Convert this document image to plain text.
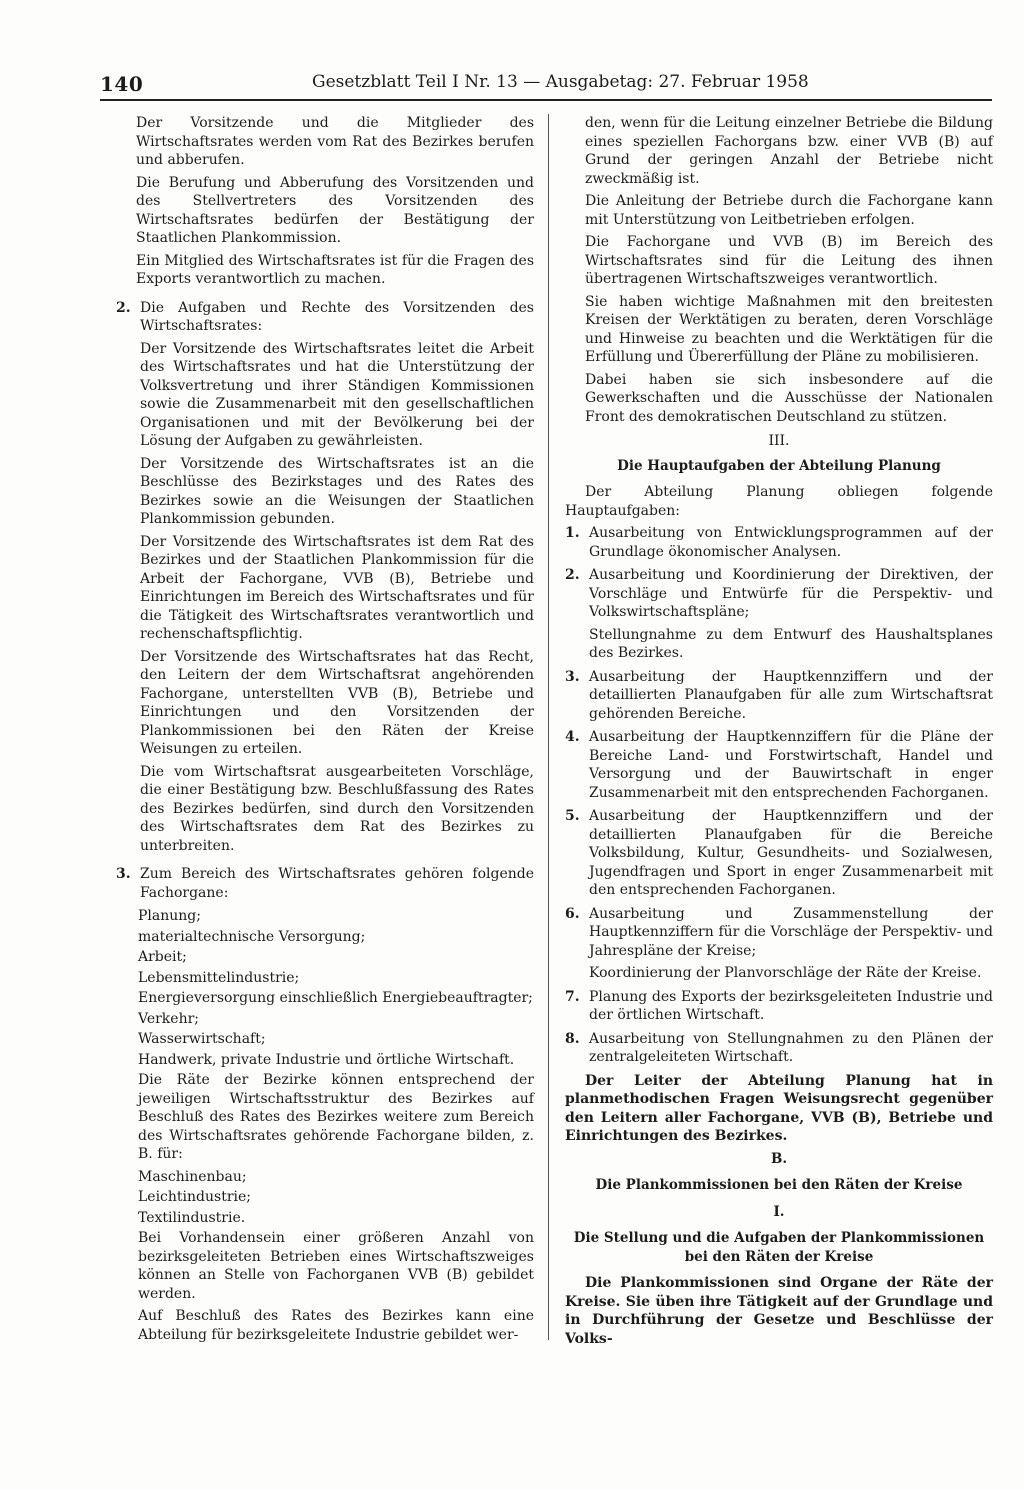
140	Gesetzblatt Teil I Nr. 13 — Ausgabetag: 27. Februar 1958

Der Vorsitzende und die Mitglieder des Wirtschaftsrates werden vom Rat des Bezirkes berufen und abberufen.

Die Berufung und Abberufung des Vorsitzenden und des Stellvertreters des Vorsitzenden des Wirtschaftsrates bedürfen der Bestätigung der Staatlichen Plankommission.

Ein Mitglied des Wirtschaftsrates ist für die Fragen des Exports verantwortlich zu machen.

2. Die Aufgaben und Rechte des Vorsitzenden des Wirtschaftsrates:

Der Vorsitzende des Wirtschaftsrates leitet die Arbeit des Wirtschaftsrates und hat die Unterstützung der Volksvertretung und ihrer Ständigen Kommissionen sowie die Zusammenarbeit mit den gesellschaftlichen Organisationen und mit der Bevölkerung bei der Lösung der Aufgaben zu gewährleisten.

Der Vorsitzende des Wirtschaftsrates ist an die Beschlüsse des Bezirkstages und des Rates des Bezirkes sowie an die Weisungen der Staatlichen Plankommission gebunden.

Der Vorsitzende des Wirtschaftsrates ist dem Rat des Bezirkes und der Staatlichen Plankommission für die Arbeit der Fachorgane, VVB (B), Betriebe und Einrichtungen im Bereich des Wirtschaftsrates und für die Tätigkeit des Wirtschaftsrates verantwortlich und rechenschaftspflichtig.

Der Vorsitzende des Wirtschaftsrates hat das Recht, den Leitern der dem Wirtschaftsrat angehörenden Fachorgane, unterstellten VVB (B), Betriebe und Einrichtungen und den Vorsitzenden der Plankommissionen bei den Räten der Kreise Weisungen zu erteilen.

Die vom Wirtschaftsrat ausgearbeiteten Vorschläge, die einer Bestätigung bzw. Beschlußfassung des Rates des Bezirkes bedürfen, sind durch den Vorsitzenden des Wirtschaftsrates dem Rat des Bezirkes zu unterbreiten.

3. Zum Bereich des Wirtschaftsrates gehören folgende Fachorgane:

Planung;

materialtechnische Versorgung;

Arbeit;

Lebensmittelindustrie;

Energieversorgung einschließlich Energiebeauftragter;

Verkehr;

Wasserwirtschaft;

Handwerk, private Industrie und örtliche Wirtschaft.

Die Räte der Bezirke können entsprechend der jeweiligen Wirtschaftsstruktur des Bezirkes auf Beschluß des Rates des Bezirkes weitere zum Bereich des Wirtschaftsrates gehörende Fachorgane bilden, z. B. für:

Maschinenbau;

Leichtindustrie;

Textilindustrie.

Bei Vorhandensein einer größeren Anzahl von bezirksgeleiteten Betrieben eines Wirtschaftszweiges können an Stelle von Fachorganen VVB (B) gebildet werden.

Auf Beschluß des Rates des Bezirkes kann eine Abteilung für bezirksgeleitete Industrie gebildet wer-

den, wenn für die Leitung einzelner Betriebe die Bildung eines speziellen Fachorgans bzw. einer VVB (B) auf Grund der geringen Anzahl der Betriebe nicht zweckmäßig ist.

Die Anleitung der Betriebe durch die Fachorgane kann mit Unterstützung von Leitbetrieben erfolgen.

Die Fachorgane und VVB (B) im Bereich des Wirtschaftsrates sind für die Leitung des ihnen übertragenen Wirtschaftszweiges verantwortlich.

Sie haben wichtige Maßnahmen mit den breitesten Kreisen der Werktätigen zu beraten, deren Vorschläge und Hinweise zu beachten und die Werktätigen für die Erfüllung und Übererfüllung der Pläne zu mobilisieren.

Dabei haben sie sich insbesondere auf die Gewerkschaften und die Ausschüsse der Nationalen Front des demokratischen Deutschland zu stützen.

III.

Die Hauptaufgaben der Abteilung Planung

Der Abteilung Planung obliegen folgende Hauptaufgaben:

1. Ausarbeitung von Entwicklungsprogrammen auf der Grundlage ökonomischer Analysen.

2. Ausarbeitung und Koordinierung der Direktiven, der Vorschläge und Entwürfe für die Perspektiv- und Volkswirtschaftspläne;

Stellungnahme zu dem Entwurf des Haushaltsplanes des Bezirkes.

3. Ausarbeitung der Hauptkennziffern und der detaillierten Planaufgaben für alle zum Wirtschaftsrat gehörenden Bereiche.

4. Ausarbeitung der Hauptkennziffern für die Pläne der Bereiche Land- und Forstwirtschaft, Handel und Versorgung und der Bauwirtschaft in enger Zusammenarbeit mit den entsprechenden Fachorganen.

5. Ausarbeitung der Hauptkennziffern und der detaillierten Planaufgaben für die Bereiche Volksbildung, Kultur, Gesundheits- und Sozialwesen, Jugendfragen und Sport in enger Zusammenarbeit mit den entsprechenden Fachorganen.

6. Ausarbeitung und Zusammenstellung der Hauptkennziffern für die Vorschläge der Perspektiv- und Jahrespläne der Kreise;

Koordinierung der Planvorschläge der Räte der Kreise.

7. Planung des Exports der bezirksgeleiteten Industrie und der örtlichen Wirtschaft.

8. Ausarbeitung von Stellungnahmen zu den Plänen der zentralgeleiteten Wirtschaft.

Der Leiter der Abteilung Planung hat in planmethodischen Fragen Weisungsrecht gegenüber den Leitern aller Fachorgane, VVB (B), Betriebe und Einrichtungen des Bezirkes.

B.

Die Plankommissionen bei den Räten der Kreise

I.

Die Stellung und die Aufgaben der Plankommissionen bei den Räten der Kreise

Die Plankommissionen sind Organe der Räte der Kreise. Sie üben ihre Tätigkeit auf der Grundlage und in Durchführung der Gesetze und Beschlüsse der Volks-
